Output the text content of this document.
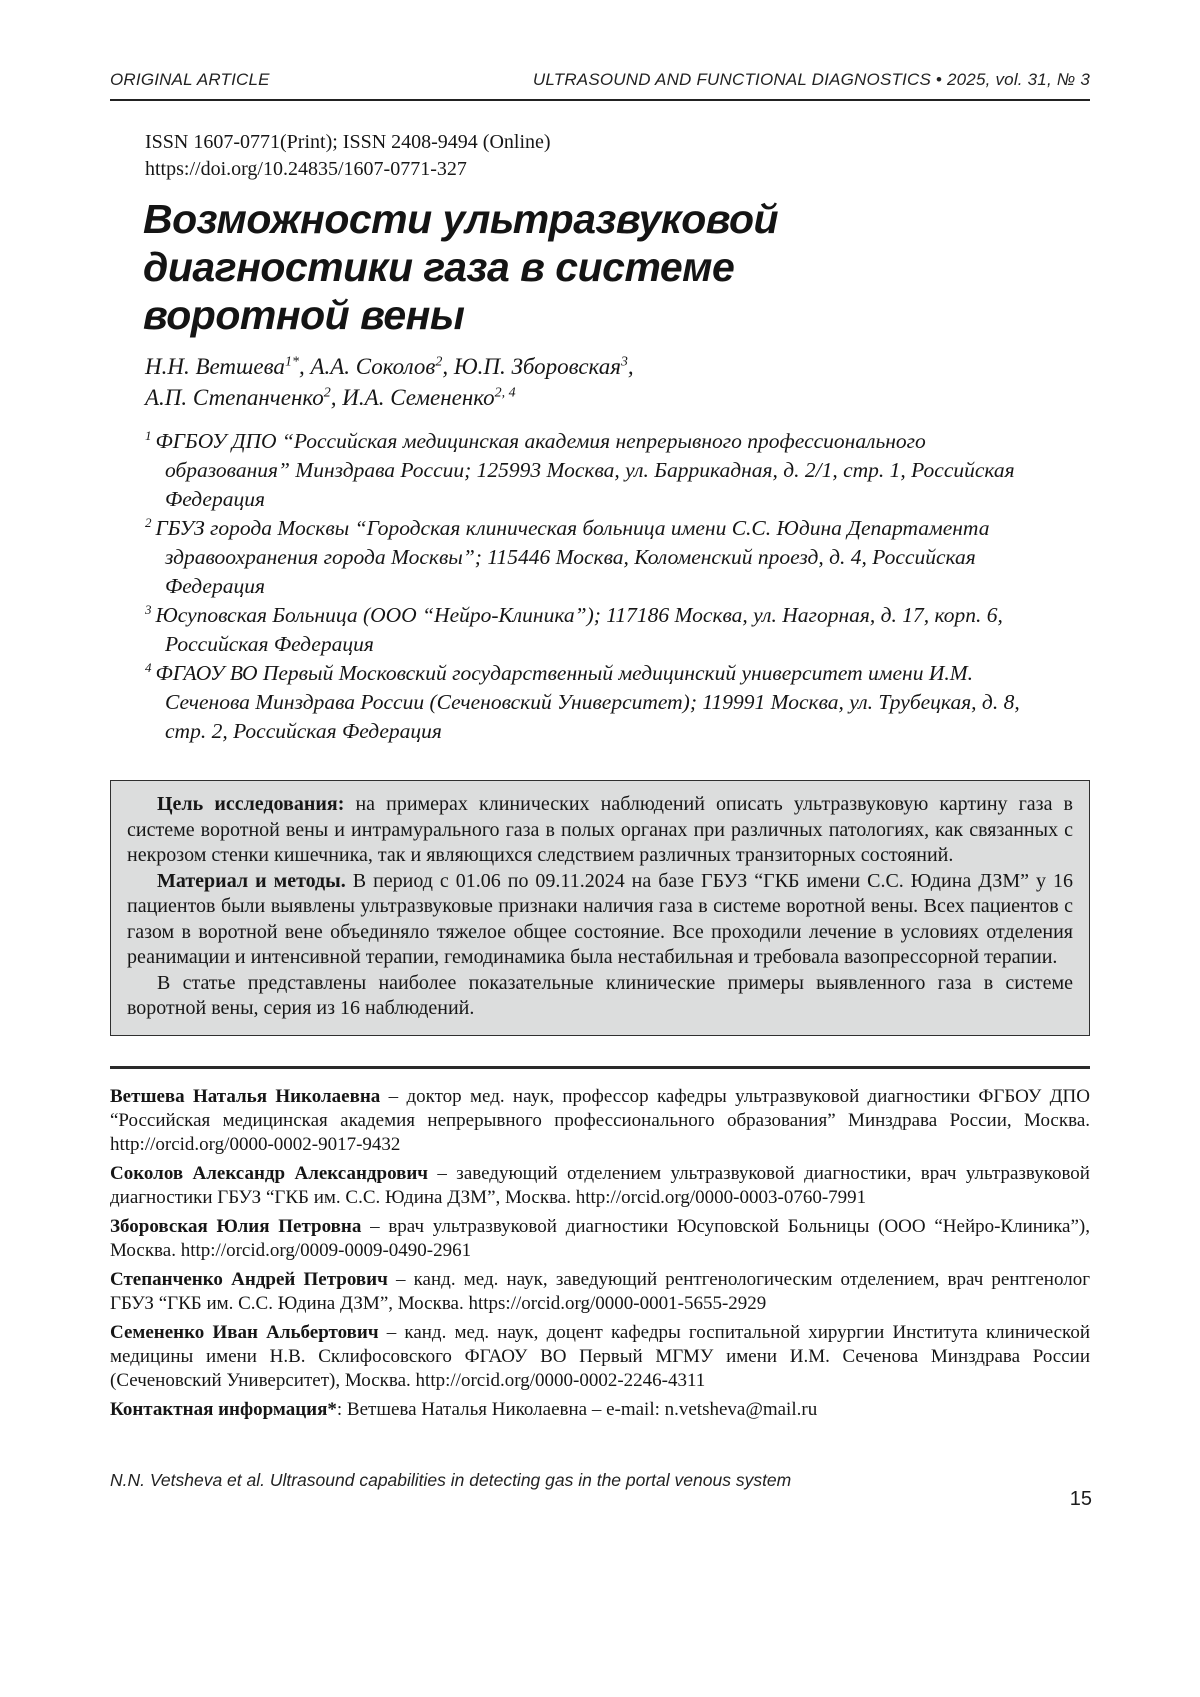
ORIGINAL ARTICLE	ULTRASOUND AND FUNCTIONAL DIAGNOSTICS • 2025, vol. 31, № 3
ISSN 1607-0771(Print); ISSN 2408-9494 (Online)
https://doi.org/10.24835/1607-0771-327
Возможности ультразвуковой
диагностики газа в системе
воротной вены
Н.Н. Ветшева$^{1*}$, А.А. Соколов$^2$, Ю.П. Зборовская$^3$,
А.П. Степанченко$^2$, И.А. Семененко$^{2, 4}$
$^1$ ФГБОУ ДПО “Российская медицинская академия непрерывного профессионального образования” Минздрава России; 125993 Москва, ул. Баррикадная, д. 2/1, стр. 1, Российская Федерация
$^2$ ГБУЗ города Москвы “Городская клиническая больница имени С.С. Юдина Департамента здравоохранения города Москвы”; 115446 Москва, Коломенский проезд, д. 4, Российская Федерация
$^3$ Юсуповская Больница (ООО “Нейро-Клиника”); 117186 Москва, ул. Нагорная, д. 17, корп. 6, Российская Федерация
$^4$ ФГАОУ ВО Первый Московский государственный медицинский университет имени И.М. Сеченова Минздрава России (Сеченовский Университет); 119991 Москва, ул. Трубецкая, д. 8, стр. 2, Российская Федерация

Цель исследования: на примерах клинических наблюдений описать ультразвуковую картину газа в системе воротной вены и интрамурального газа в полых органах при различных патологиях, как связанных с некрозом стенки кишечника, так и являющихся следствием различных транзиторных состояний.

Материал и методы. В период с 01.06 по 09.11.2024 на базе ГБУЗ “ГКБ имени С.С. Юдина ДЗМ” у 16 пациентов были выявлены ультразвуковые признаки наличия газа в системе воротной вены. Всех пациентов с газом в воротной вене объединяло тяжелое общее состояние. Все проходили лечение в условиях отделения реанимации и интенсивной терапии, гемодинамика была нестабильная и требовала вазопрессорной терапии.

В статье представлены наиболее показательные клинические примеры выявленного газа в системе воротной вены, серия из 16 наблюдений.

Ветшева Наталья Николаевна – доктор мед. наук, профессор кафедры ультразвуковой диагностики ФГБОУ ДПО “Российская медицинская академия непрерывного профессионального образования” Минздрава России, Москва. http://orcid.org/0000-0002-9017-9432

Соколов Александр Александрович – заведующий отделением ультразвуковой диагностики, врач ультразвуковой диагностики ГБУЗ “ГКБ им. С.С. Юдина ДЗМ”, Москва. http://orcid.org/0000-0003-0760-7991

Зборовская Юлия Петровна – врач ультразвуковой диагностики Юсуповской Больницы (ООО “Нейро-Клиника”), Москва. http://orcid.org/0009-0009-0490-2961

Степанченко Андрей Петрович – канд. мед. наук, заведующий рентгенологическим отделением, врач рентгенолог ГБУЗ “ГКБ им. С.С. Юдина ДЗМ”, Москва. https://orcid.org/0000-0001-5655-2929

Семененко Иван Альбертович – канд. мед. наук, доцент кафедры госпитальной хирургии Института клинической медицины имени Н.В. Склифосовского ФГАОУ ВО Первый МГМУ имени И.М. Сеченова Минздрава России (Сеченовский Университет), Москва. http://orcid.org/0000-0002-2246-4311

Контактная информация*: Ветшева Наталья Николаевна – e-mail: n.vetsheva@mail.ru

N.N. Vetsheva et al. Ultrasound capabilities in detecting gas in the portal venous system
15
